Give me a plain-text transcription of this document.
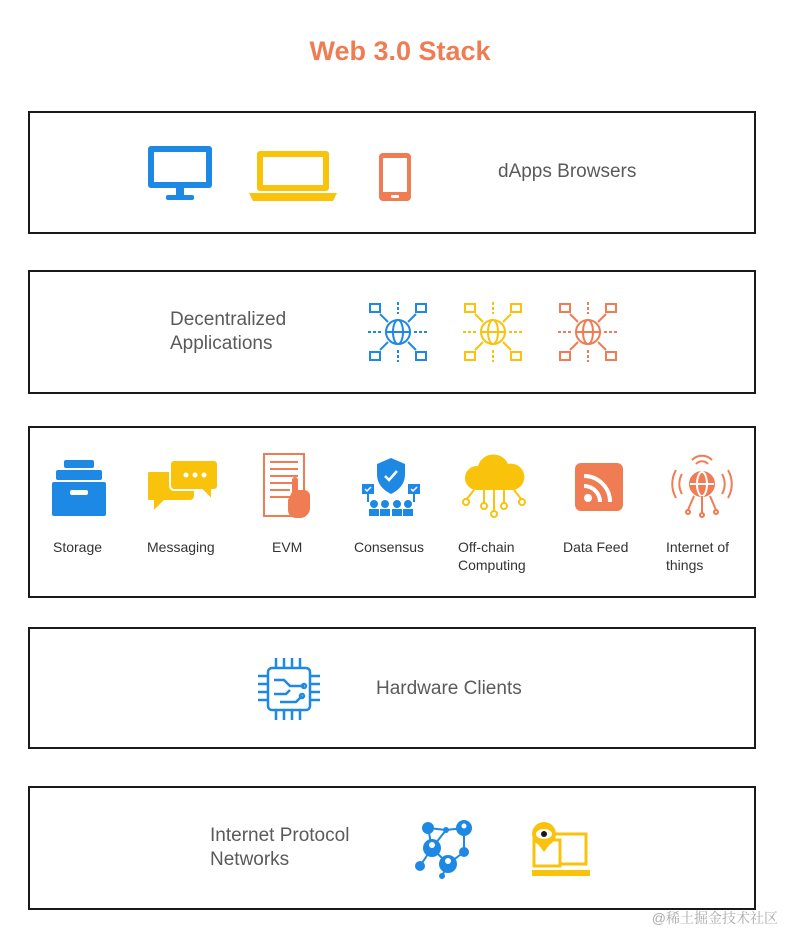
Web 3.0 Stack
dApps Browsers
Decentralized
Applications
Storage	Messaging	EVM	Consensus Off-chain
Computing
Data Feed	Internet of
things
Hardware Clients
Internet Protocol
Networks
@稀土掘金技术社区
